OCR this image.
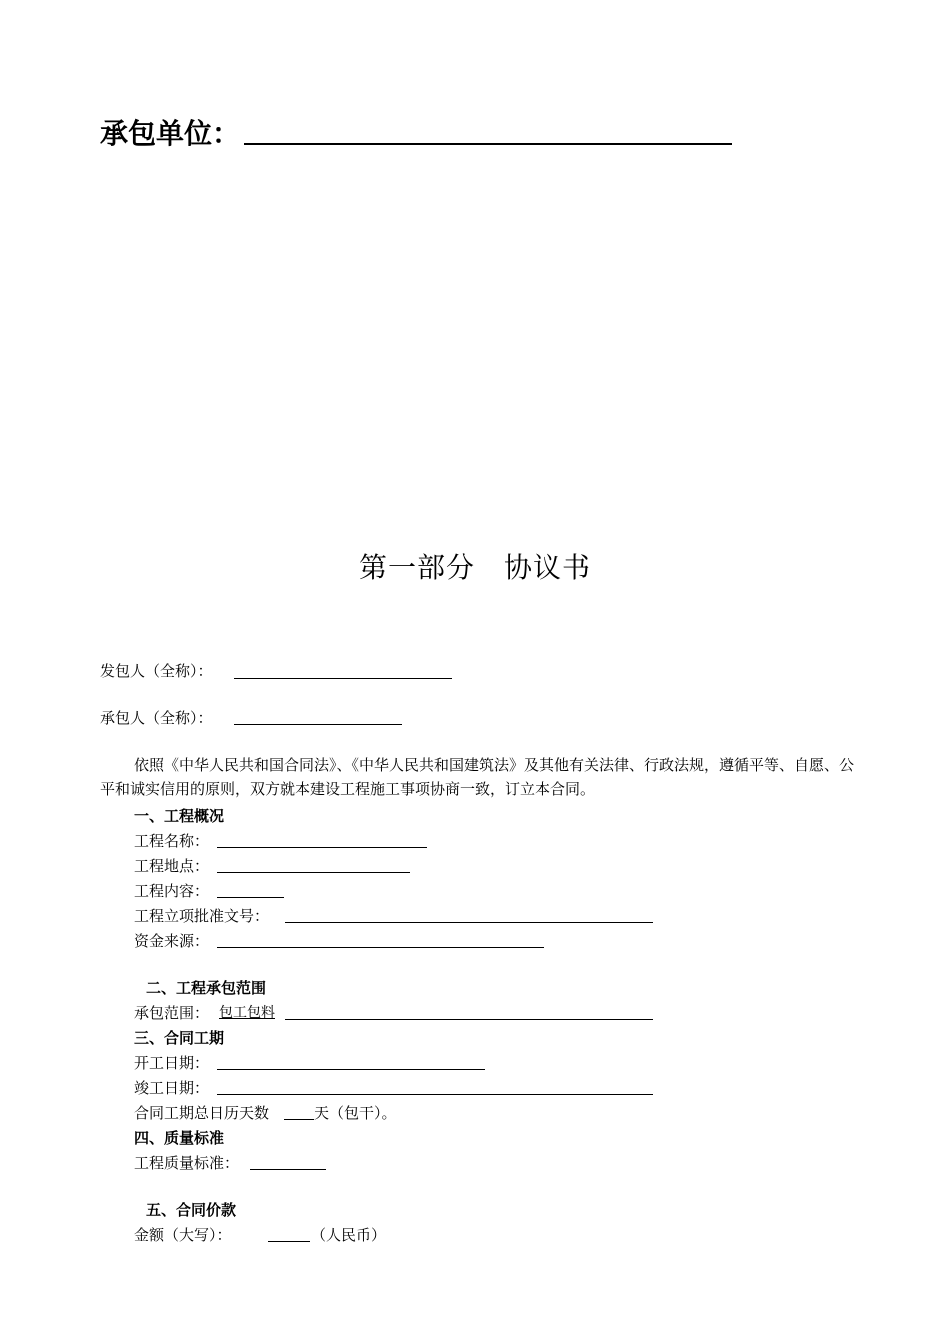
承包单位：
第一部分　协议书
发包人（全称）：
承包人（全称）：
依照《中华人民共和国合同法》、《中华人民共和国建筑法》及其他有关法律、行政法规，遵循平等、自愿、公平和诚实信用的原则，双方就本建设工程施工事项协商一致，订立本合同。
一、工程概况
工程名称：
工程地点：
工程内容：
工程立项批准文号：
资金来源：
二、工程承包范围
承包范围： 包工包料
三、合同工期
开工日期：
竣工日期：
合同工期总日历天数	天（包干）。
四、质量标准
工程质量标准：
五、合同价款
金额（大写）：	（人民币）
